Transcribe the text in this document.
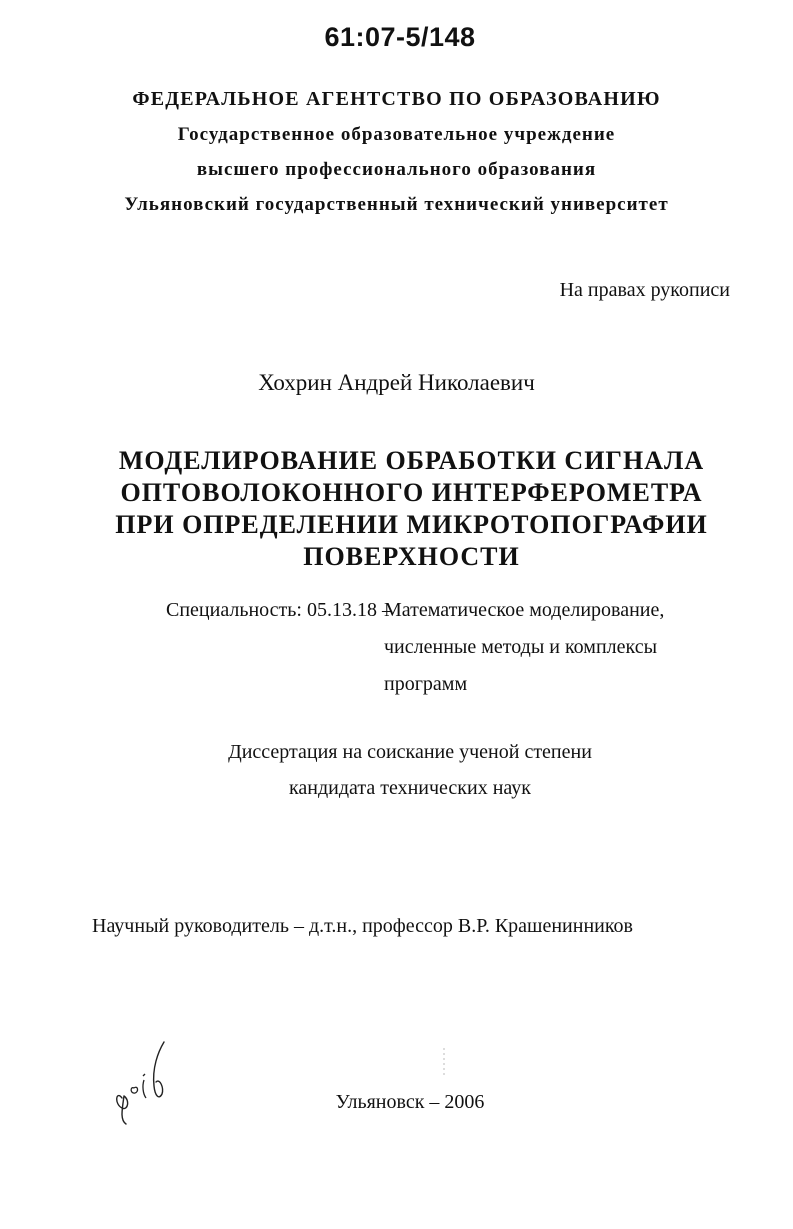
61:07-5/148
ФЕДЕРАЛЬНОЕ АГЕНТСТВО ПО ОБРАЗОВАНИЮ
Государственное образовательное учреждение
высшего профессионального образования
Ульяновский государственный технический университет
На правах рукописи
Хохрин Андрей Николаевич
МОДЕЛИРОВАНИЕ ОБРАБОТКИ СИГНАЛА
ОПТОВОЛОКОННОГО ИНТЕРФЕРОМЕТРА
ПРИ ОПРЕДЕЛЕНИИ МИКРОТОПОГРАФИИ
ПОВЕРХНОСТИ
Специальность: 05.13.18 –
Математическое моделирование,
численные методы и комплексы
программ
Диссертация на соискание ученой степени
кандидата технических наук
Научный руководитель – д.т.н., профессор В.Р. Крашенинников
Ульяновск – 2006
